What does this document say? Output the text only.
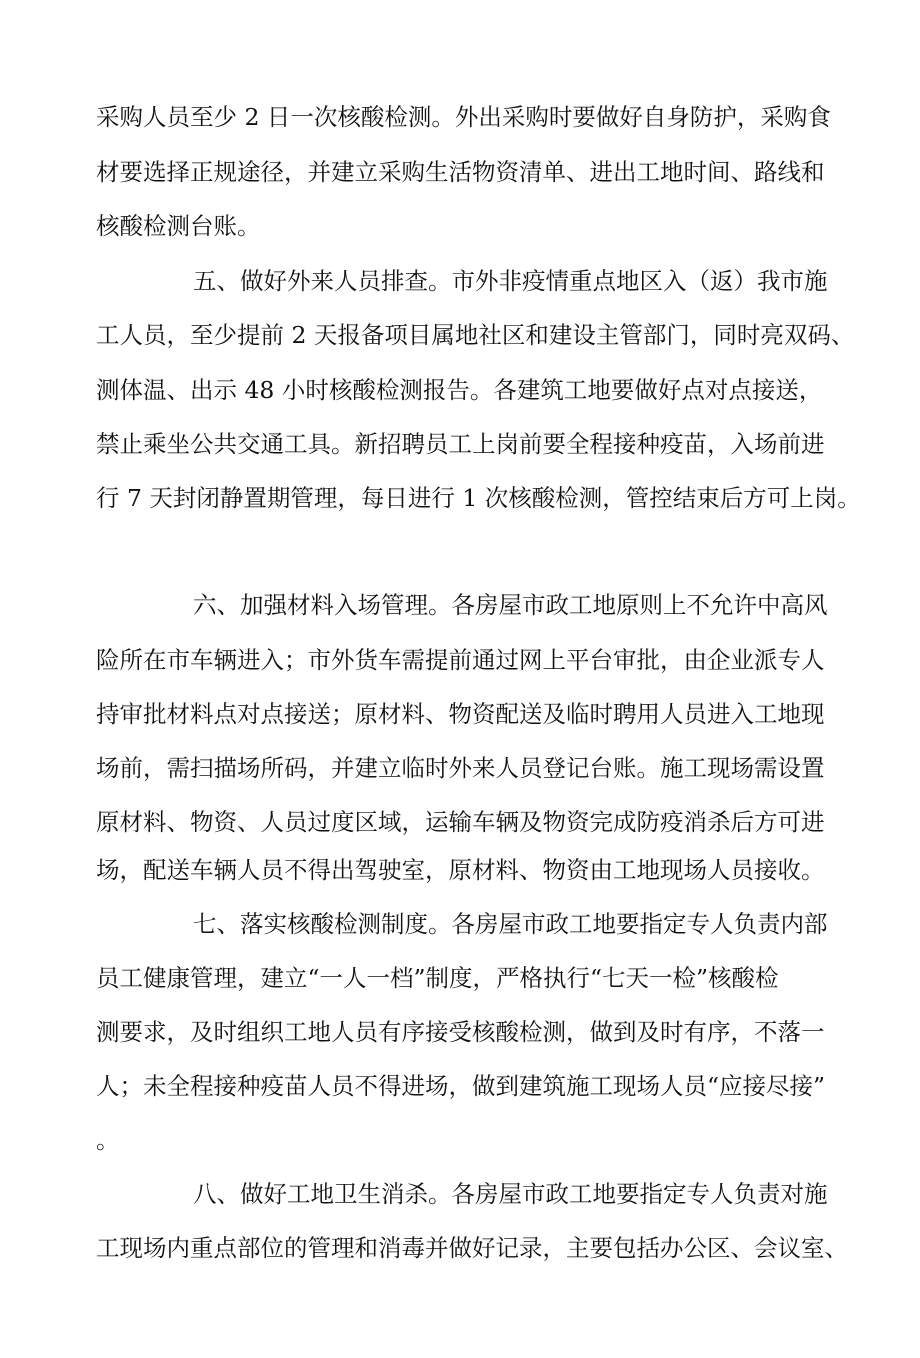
采购人员至少 2 日一次核酸检测。外出采购时要做好自身防护，采购食
材要选择正规途径，并建立采购生活物资清单、进出工地时间、路线和
核酸检测台账。
五、做好外来人员排查。市外非疫情重点地区入（返）我市施
工人员，至少提前 2 天报备项目属地社区和建设主管部门，同时亮双码、
测体温、出示 48 小时核酸检测报告。各建筑工地要做好点对点接送，
禁止乘坐公共交通工具。新招聘员工上岗前要全程接种疫苗，入场前进
行 7 天封闭静置期管理，每日进行 1 次核酸检测，管控结束后方可上岗。
六、加强材料入场管理。各房屋市政工地原则上不允许中高风
险所在市车辆进入；市外货车需提前通过网上平台审批，由企业派专人
持审批材料点对点接送；原材料、物资配送及临时聘用人员进入工地现
场前，需扫描场所码，并建立临时外来人员登记台账。施工现场需设置
原材料、物资、人员过度区域，运输车辆及物资完成防疫消杀后方可进
场，配送车辆人员不得出驾驶室，原材料、物资由工地现场人员接收。
七、落实核酸检测制度。各房屋市政工地要指定专人负责内部
员工健康管理，建立“一人一档”制度，严格执行“七天一检”核酸检
测要求，及时组织工地人员有序接受核酸检测，做到及时有序，不落一
人；未全程接种疫苗人员不得进场，做到建筑施工现场人员“应接尽接”
。
八、做好工地卫生消杀。各房屋市政工地要指定专人负责对施
工现场内重点部位的管理和消毒并做好记录，主要包括办公区、会议室、
